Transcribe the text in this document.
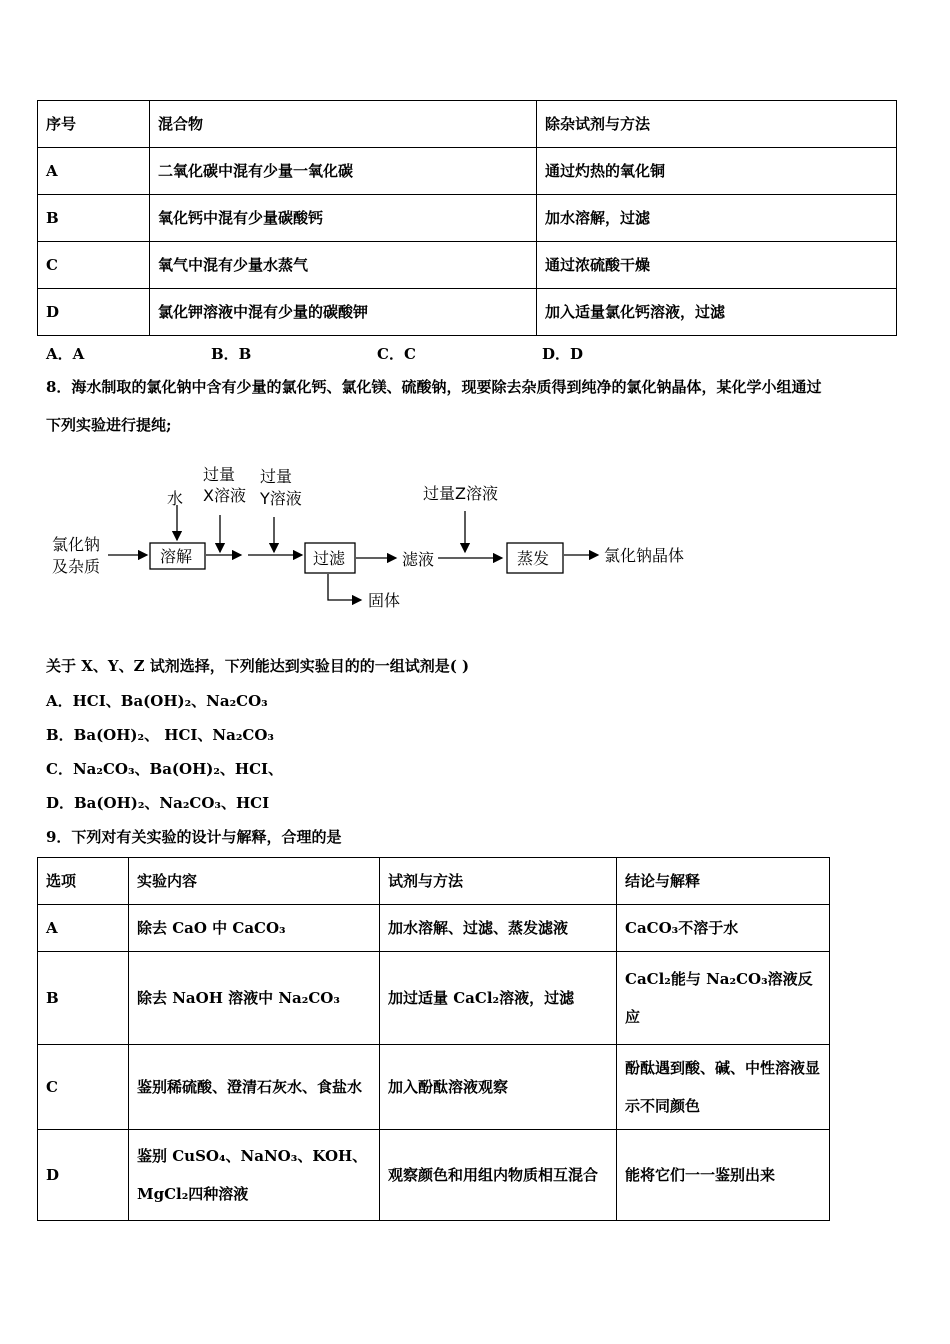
序号	混合物	除杂试剂与方法
A	二氧化碳中混有少量一氧化碳	通过灼热的氧化铜
B	氧化钙中混有少量碳酸钙	加水溶解，过滤
C	氧气中混有少量水蒸气	通过浓硫酸干燥
D	氯化钾溶液中混有少量的碳酸钾	加入适量氯化钙溶液，过滤
A．A	B．B	C．C	D．D
8．海水制取的氯化钠中含有少量的氯化钙、氯化镁、硫酸钠，现要除去杂质得到纯净的氯化钠晶体，某化学小组通过
下列实验进行提纯;
氯化钠
及杂质
水
溶解
过量
X溶液
过量
Y溶液
过滤	滤液
过量Z溶液
蒸发	氯化钠晶体
固体
关于 X、Y、Z 试剂选择，下列能达到实验目的的一组试剂是( )
A．HCI、Ba(OH)₂、Na₂CO₃
B．Ba(OH)₂、 HCI、Na₂CO₃
C．Na₂CO₃、Ba(OH)₂、HCI、
D．Ba(OH)₂、Na₂CO₃、HCI
9．下列对有关实验的设计与解释，合理的是
选项	实验内容	试剂与方法	结论与解释
A	除去 CaO 中 CaCO₃	加水溶解、过滤、蒸发滤液	CaCO₃不溶于水
B	除去 NaOH 溶液中 Na₂CO₃	加过适量 CaCl₂溶液，过滤	CaCl₂能与 Na₂CO₃溶液反应
C	鉴别稀硫酸、澄清石灰水、食盐水	加入酚酞溶液观察	酚酞遇到酸、碱、中性溶液显示不同颜色
D	鉴别 CuSO₄、NaNO₃、KOH、MgCl₂四种溶液	观察颜色和用组内物质相互混合	能将它们一一鉴别出来
